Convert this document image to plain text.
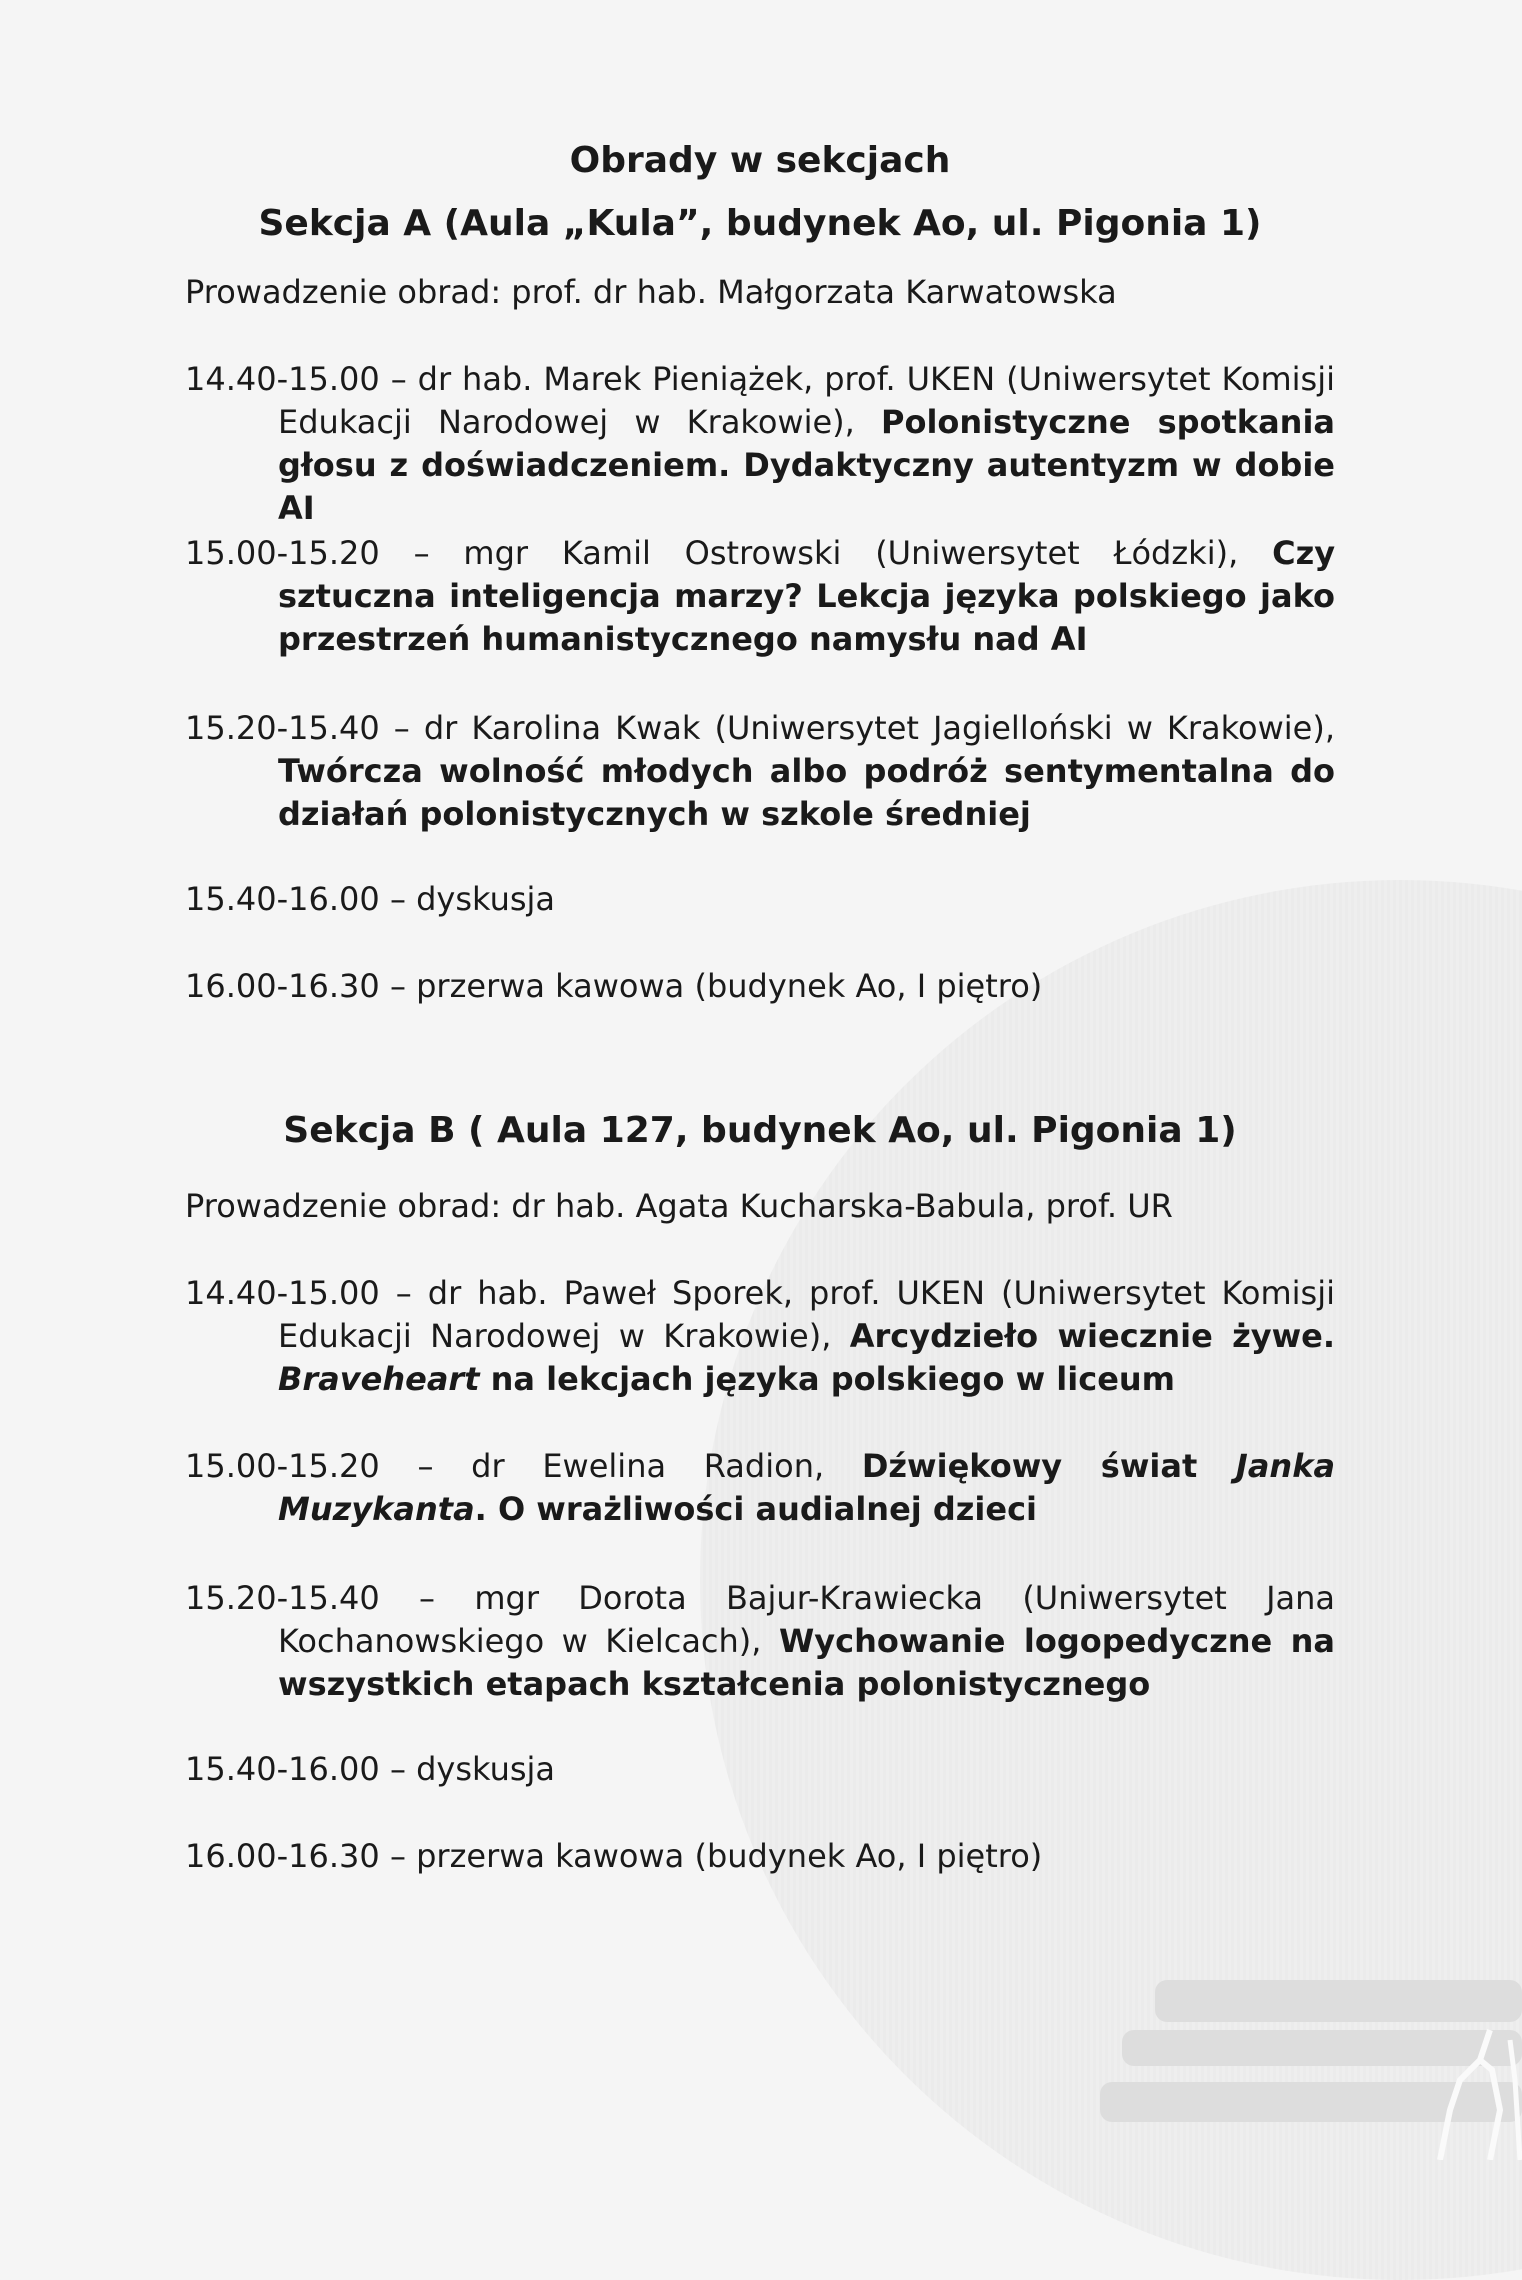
Obrady w sekcjach
Sekcja A (Aula „Kula”, budynek Ao, ul. Pigonia 1)
Prowadzenie obrad: prof. dr hab. Małgorzata Karwatowska
14.40-15.00 – dr hab. Marek Pieniążek, prof. UKEN (Uniwersytet Komisji Edukacji Narodowej w Krakowie), Polonistyczne spotkania głosu z doświadczeniem. Dydaktyczny autentyzm w dobie AI
15.00-15.20 – mgr Kamil Ostrowski (Uniwersytet Łódzki), Czy sztuczna inteligencja marzy? Lekcja języka polskiego jako przestrzeń humanistycznego namysłu nad AI
15.20-15.40 – dr Karolina Kwak (Uniwersytet Jagielloński w Krakowie), Twórcza wolność młodych albo podróż sentymentalna do działań polonistycznych w szkole średniej
15.40-16.00 – dyskusja
16.00-16.30 – przerwa kawowa (budynek Ao, I piętro)
Sekcja B ( Aula 127, budynek Ao, ul. Pigonia 1)
Prowadzenie obrad: dr hab. Agata Kucharska-Babula, prof. UR
14.40-15.00 – dr hab. Paweł Sporek, prof. UKEN (Uniwersytet Komisji Edukacji Narodowej w Krakowie), Arcydzieło wiecznie żywe. Braveheart na lekcjach języka polskiego w liceum
15.00-15.20 – dr Ewelina Radion, Dźwiękowy świat Janka Muzykanta. O wrażliwości audialnej dzieci
15.20-15.40 – mgr Dorota Bajur-Krawiecka (Uniwersytet Jana Kochanowskiego w Kielcach), Wychowanie logopedyczne na wszystkich etapach kształcenia polonistycznego
15.40-16.00 – dyskusja
16.00-16.30 – przerwa kawowa (budynek Ao, I piętro)
